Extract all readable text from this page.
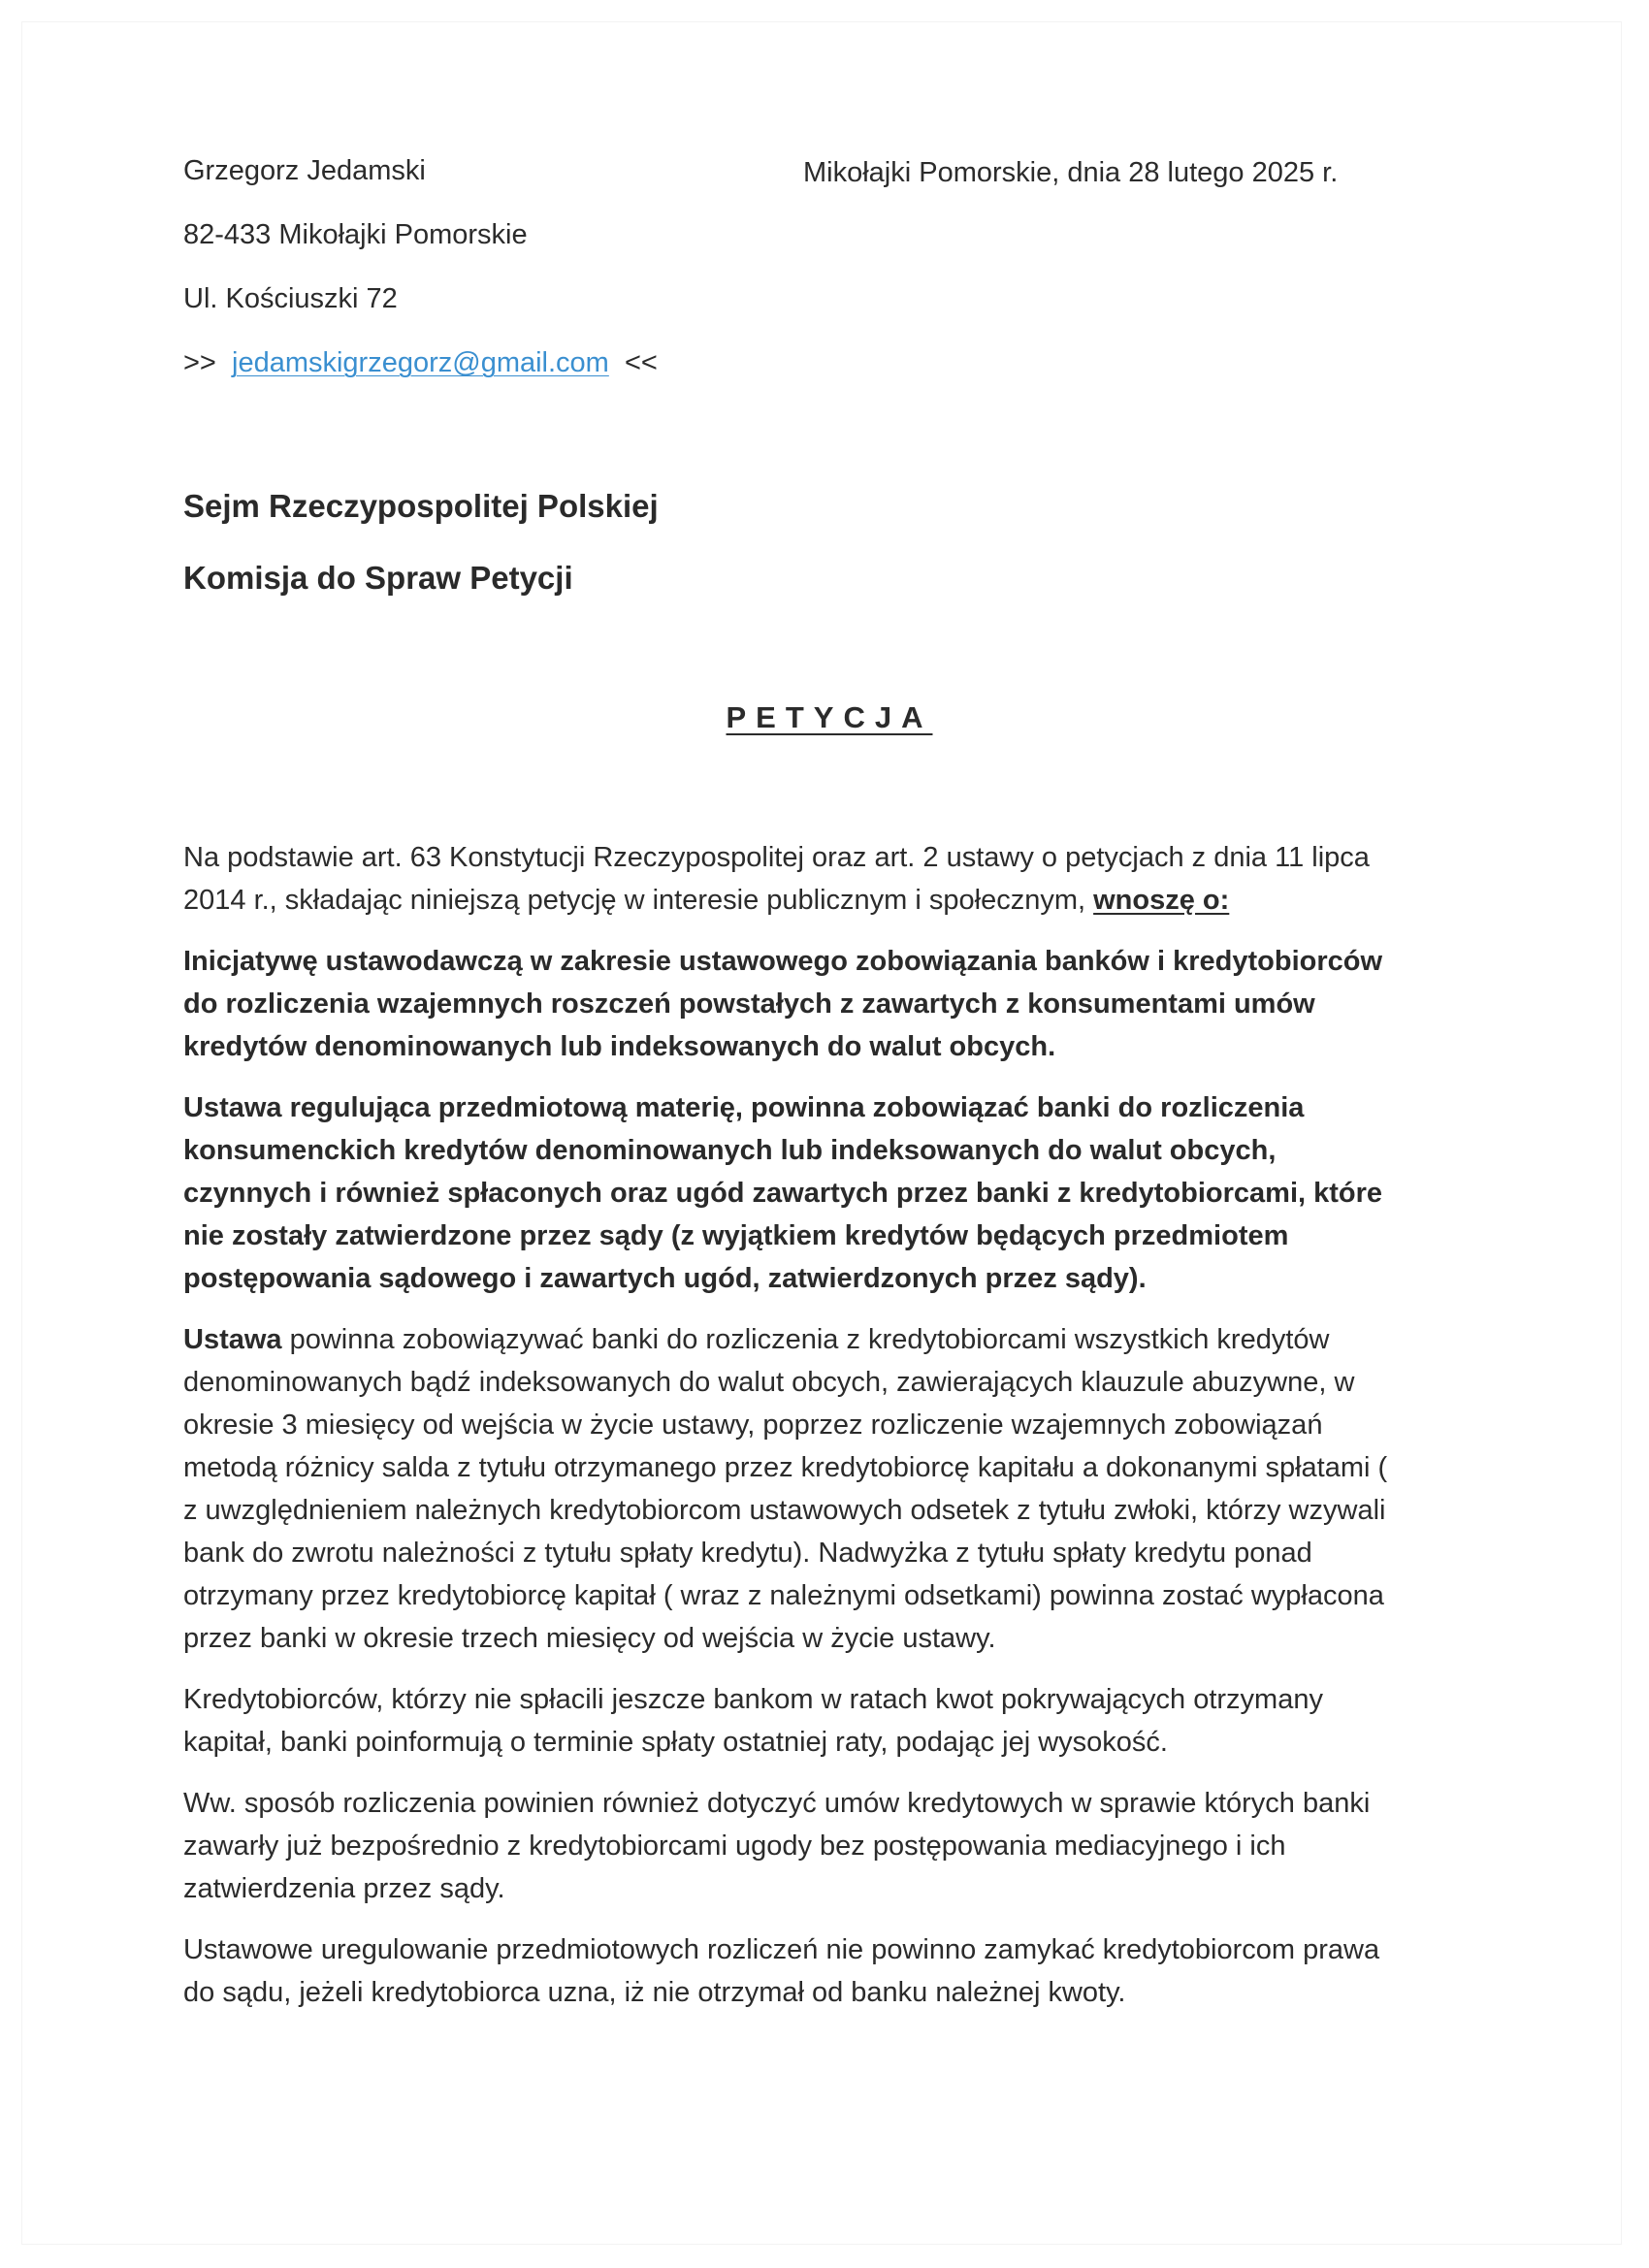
Grzegorz Jedamski
82-433 Mikołajki Pomorskie
Ul. Kościuszki 72
>> jedamskigrzegorz@gmail.com <<
Mikołajki Pomorskie, dnia 28 lutego 2025 r.
Sejm Rzeczypospolitej Polskiej
Komisja do Spraw Petycji
PETYCJA

Na podstawie art. 63 Konstytucji Rzeczypospolitej oraz art. 2 ustawy o petycjach z dnia 11 lipca 2014 r., składając niniejszą petycję w interesie publicznym i społecznym, wnoszę o:

Inicjatywę ustawodawczą w zakresie ustawowego zobowiązania banków i kredytobiorców do rozliczenia wzajemnych roszczeń powstałych z zawartych z konsumentami umów kredytów denominowanych lub indeksowanych do walut obcych.

Ustawa regulująca przedmiotową materię, powinna zobowiązać banki do rozliczenia konsumenckich kredytów denominowanych lub indeksowanych do walut obcych, czynnych i również spłaconych oraz ugód zawartych przez banki z kredytobiorcami, które nie zostały zatwierdzone przez sądy (z wyjątkiem kredytów będących przedmiotem postępowania sądowego i zawartych ugód, zatwierdzonych przez sądy).

Ustawa powinna zobowiązywać banki do rozliczenia z kredytobiorcami wszystkich kredytów denominowanych bądź indeksowanych do walut obcych, zawierających klauzule abuzywne, w okresie 3 miesięcy od wejścia w życie ustawy, poprzez rozliczenie wzajemnych zobowiązań metodą różnicy salda z tytułu otrzymanego przez kredytobiorcę kapitału a dokonanymi spłatami ( z uwzględnieniem należnych kredytobiorcom ustawowych odsetek z tytułu zwłoki, którzy wzywali bank do zwrotu należności z tytułu spłaty kredytu). Nadwyżka z tytułu spłaty kredytu ponad otrzymany przez kredytobiorcę kapitał ( wraz z należnymi odsetkami) powinna zostać wypłacona przez banki w okresie trzech miesięcy od wejścia w życie ustawy.

Kredytobiorców, którzy nie spłacili jeszcze bankom w ratach kwot pokrywających otrzymany kapitał, banki poinformują o terminie spłaty ostatniej raty, podając jej wysokość.

Ww. sposób rozliczenia powinien również dotyczyć umów kredytowych w sprawie których banki zawarły już bezpośrednio z kredytobiorcami ugody bez postępowania mediacyjnego i ich zatwierdzenia przez sądy.

Ustawowe uregulowanie przedmiotowych rozliczeń nie powinno zamykać kredytobiorcom prawa do sądu, jeżeli kredytobiorca uzna, iż nie otrzymał od banku należnej kwoty.
